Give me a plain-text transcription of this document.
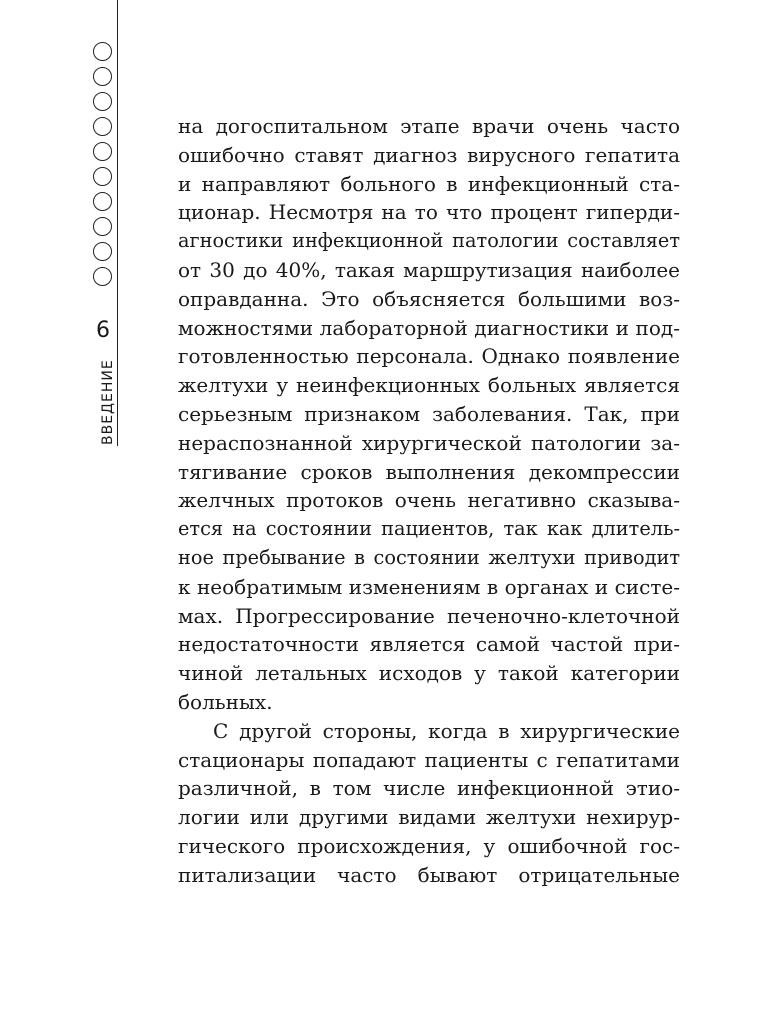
6
ВВЕДЕНИЕ
на догоспитальном этапе врачи очень часто
ошибочно ставят диагноз вирусного гепатита
и направляют больного в инфекционный ста-
ционар. Несмотря на то что процент гиперди-
агностики инфекционной патологии составляет
от 30 до 40%, такая маршрутизация наиболее
оправданна. Это объясняется большими воз-
можностями лабораторной диагностики и под-
готовленностью персонала. Однако появление
желтухи у неинфекционных больных является
серьезным признаком заболевания. Так, при
нераспознанной хирургической патологии за-
тягивание сроков выполнения декомпрессии
желчных протоков очень негативно сказыва-
ется на состоянии пациентов, так как длитель-
ное пребывание в состоянии желтухи приводит
к необратимым изменениям в органах и систе-
мах. Прогрессирование печеночно-клеточной
недостаточности является самой частой при-
чиной летальных исходов у такой категории
больных.
С другой стороны, когда в хирургические
стационары попадают пациенты с гепатитами
различной, в том числе инфекционной этио-
логии или другими видами желтухи нехирур-
гического происхождения, у ошибочной гос-
питализации часто бывают отрицательные
